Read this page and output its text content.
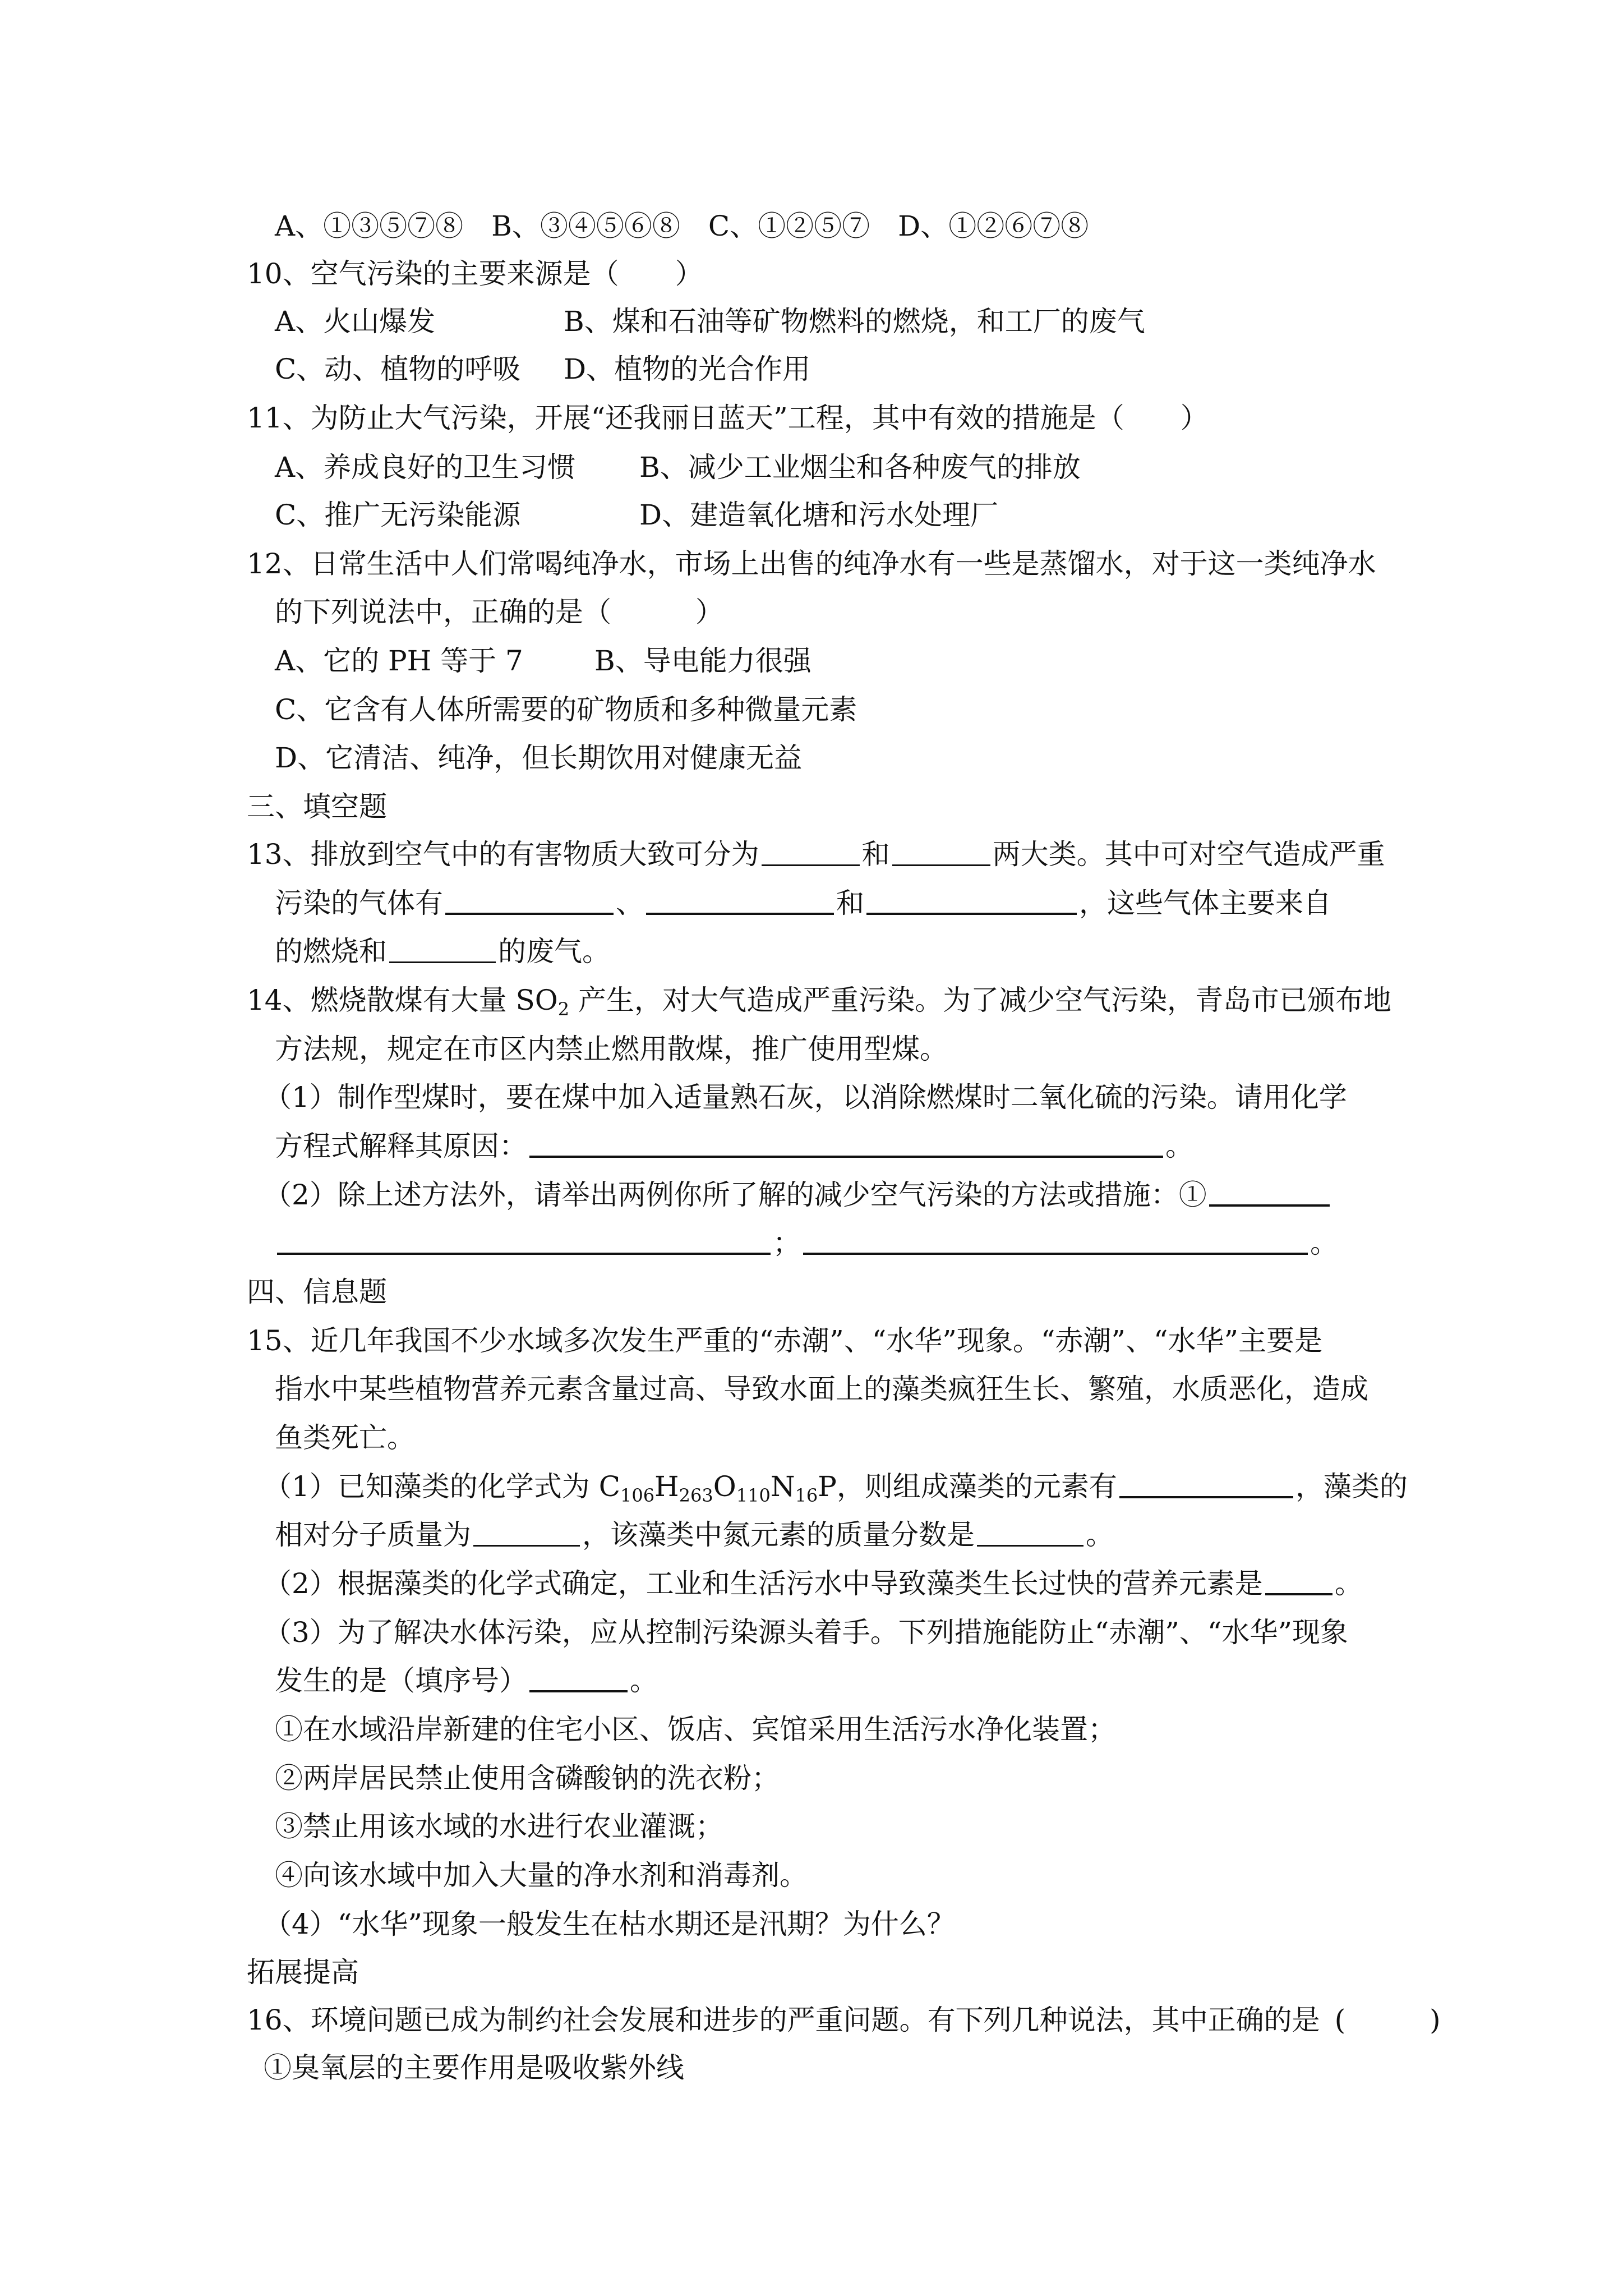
A、①③⑤⑦⑧ B、③④⑤⑥⑧ C、①②⑤⑦ D、①②⑥⑦⑧
10、空气污染的主要来源是（　　）
A、火山爆发	B、煤和石油等矿物燃料的燃烧，和工厂的废气
C、动、植物的呼吸 D、植物的光合作用
11、为防止大气污染，开展“还我丽日蓝天”工程，其中有效的措施是（　　）
A、养成良好的卫生习惯 B、减少工业烟尘和各种废气的排放
C、推广无污染能源	D、建造氧化塘和污水处理厂
12、日常生活中人们常喝纯净水，市场上出售的纯净水有一些是蒸馏水，对于这一类纯净水
的下列说法中，正确的是（　　　）
A、它的 PH 等于 7	B、导电能力很强
C、它含有人体所需要的矿物质和多种微量元素
D、它清洁、纯净，但长期饮用对健康无益
三、填空题
13、排放到空气中的有害物质大致可分为	和	两大类。其中可对空气造成严重
污染的气体有	、	和	，这些气体主要来自
的燃烧和	的废气。
14、燃烧散煤有大量 $SO_2$ 产生，对大气造成严重污染。为了减少空气污染，青岛市已颁布地
方法规，规定在市区内禁止燃用散煤，推广使用型煤。
（1）制作型煤时，要在煤中加入适量熟石灰，以消除燃煤时二氧化硫的污染。请用化学
方程式解释其原因：	。
（2）除上述方法外，请举出两例你所了解的减少空气污染的方法或措施：①
；	。
四、信息题
15、近几年我国不少水域多次发生严重的“赤潮”、“水华”现象。“赤潮”、“水华”主要是
指水中某些植物营养元素含量过高、导致水面上的藻类疯狂生长、繁殖，水质恶化，造成
鱼类死亡。
（1）已知藻类的化学式为 $C_{106}H_{263}O_{110}N_{16}P$，则组成藻类的元素有	，藻类的
相对分子质量为	，该藻类中氮元素的质量分数是	。
（2）根据藻类的化学式确定，工业和生活污水中导致藻类生长过快的营养元素是	。
（3）为了解决水体污染，应从控制污染源头着手。下列措施能防止“赤潮”、“水华”现象
发生的是（填序号）	。
①在水域沿岸新建的住宅小区、饭店、宾馆采用生活污水净化装置；
②两岸居民禁止使用含磷酸钠的洗衣粉；
③禁止用该水域的水进行农业灌溉；
④向该水域中加入大量的净水剂和消毒剂。
（4）“水华”现象一般发生在枯水期还是汛期？为什么？
拓展提高
16、环境问题已成为制约社会发展和进步的严重问题。有下列几种说法，其中正确的是 (　　　)
①臭氧层的主要作用是吸收紫外线
